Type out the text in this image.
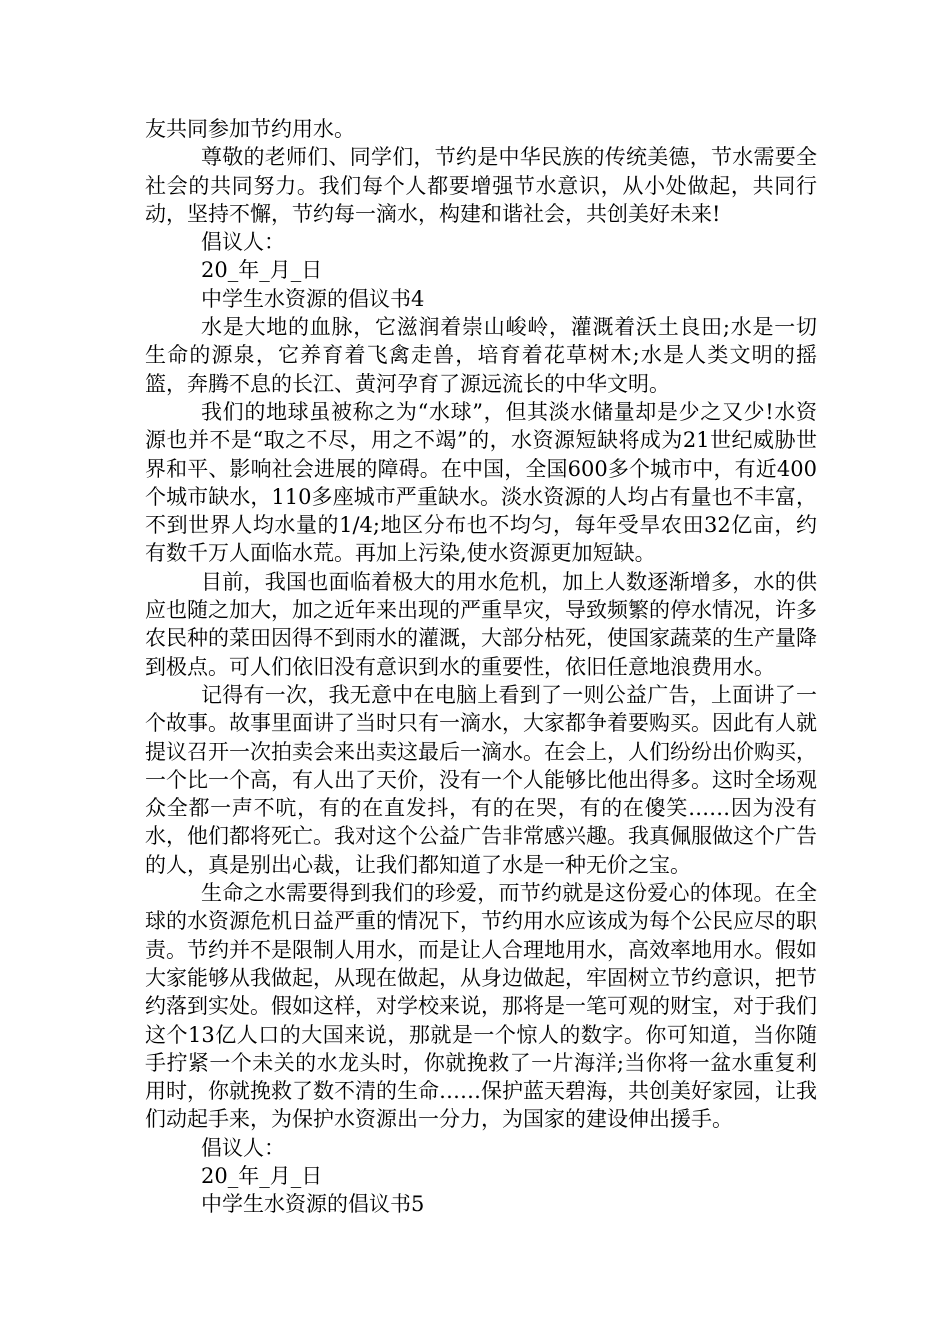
友共同参加节约用水。

尊敬的老师们、同学们，节约是中华民族的传统美德，节水需要全社会的共同努力。我们每个人都要增强节水意识，从小处做起，共同行动，坚持不懈，节约每一滴水，构建和谐社会，共创美好未来!

倡议人：

20_年_月_日

中学生水资源的倡议书4

水是大地的血脉，它滋润着崇山峻岭，灌溉着沃土良田;水是一切生命的源泉，它养育着飞禽走兽，培育着花草树木;水是人类文明的摇篮，奔腾不息的长江、黄河孕育了源远流长的中华文明。

我们的地球虽被称之为“水球”，但其淡水储量却是少之又少!水资源也并不是“取之不尽，用之不竭”的，水资源短缺将成为21世纪威胁世界和平、影响社会进展的障碍。在中国，全国600多个城市中，有近400个城市缺水，110多座城市严重缺水。淡水资源的人均占有量也不丰富，不到世界人均水量的1/4;地区分布也不均匀，每年受旱农田32亿亩，约有数千万人面临水荒。再加上污染,使水资源更加短缺。

目前，我国也面临着极大的用水危机，加上人数逐渐增多，水的供应也随之加大，加之近年来出现的严重旱灾，导致频繁的停水情况，许多农民种的菜田因得不到雨水的灌溉，大部分枯死，使国家蔬菜的生产量降到极点。可人们依旧没有意识到水的重要性，依旧任意地浪费用水。

记得有一次，我无意中在电脑上看到了一则公益广告，上面讲了一个故事。故事里面讲了当时只有一滴水，大家都争着要购买。因此有人就提议召开一次拍卖会来出卖这最后一滴水。在会上，人们纷纷出价购买，一个比一个高，有人出了天价，没有一个人能够比他出得多。这时全场观众全都一声不吭，有的在直发抖，有的在哭，有的在傻笑……因为没有水，他们都将死亡。我对这个公益广告非常感兴趣。我真佩服做这个广告的人，真是别出心裁，让我们都知道了水是一种无价之宝。

生命之水需要得到我们的珍爱，而节约就是这份爱心的体现。在全球的水资源危机日益严重的情况下，节约用水应该成为每个公民应尽的职责。节约并不是限制人用水，而是让人合理地用水，高效率地用水。假如大家能够从我做起，从现在做起，从身边做起，牢固树立节约意识，把节约落到实处。假如这样，对学校来说，那将是一笔可观的财宝，对于我们这个13亿人口的大国来说，那就是一个惊人的数字。你可知道，当你随手拧紧一个未关的水龙头时，你就挽救了一片海洋;当你将一盆水重复利用时，你就挽救了数不清的生命……保护蓝天碧海，共创美好家园，让我们动起手来，为保护水资源出一分力，为国家的建设伸出援手。

倡议人：

20_年_月_日

中学生水资源的倡议书5
